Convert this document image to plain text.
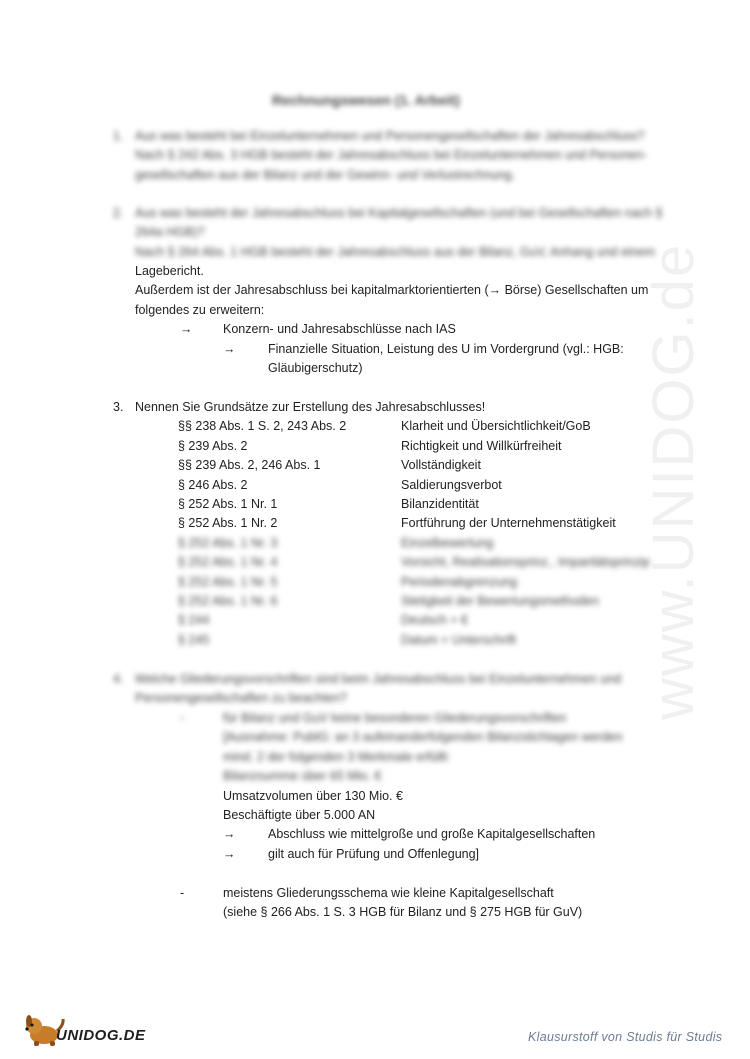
www.UNIDOG.de
Rechnungswesen (1. Arbeit)
1. Aus was besteht bei Einzelunternehmen und Personengesellschaften der Jahresabschluss?
Nach § 242 Abs. 3 HGB besteht der Jahresabschluss bei Einzelunternehmen und Personen-
gesellschaften aus der Bilanz und der Gewinn- und Verlustrechnung.
2. Aus was besteht der Jahresabschluss bei Kapitalgesellschaften (und bei Gesellschaften nach §
264a HGB)?
Nach § 264 Abs. 1 HGB besteht der Jahresabschluss aus der Bilanz, GuV, Anhang und einem
Lagebericht.
Außerdem ist der Jahresabschluss bei kapitalmarktorientierten (→ Börse) Gesellschaften um
folgendes zu erweitern:
→ Konzern- und Jahresabschlüsse nach IAS
→	Finanzielle Situation, Leistung des U im Vordergrund (vgl.: HGB:
Gläubigerschutz)
3. Nennen Sie Grundsätze zur Erstellung des Jahresabschlusses!
§§ 238 Abs. 1 S. 2, 243 Abs. 2	Klarheit und Übersichtlichkeit/GoB
§ 239 Abs. 2	Richtigkeit und Willkürfreiheit
§§ 239 Abs. 2, 246 Abs. 1	Vollständigkeit
§ 246 Abs. 2	Saldierungsverbot
§ 252 Abs. 1 Nr. 1	Bilanzidentität
§ 252 Abs. 1 Nr. 2	Fortführung der Unternehmenstätigkeit
§ 252 Abs. 1 Nr. 3	Einzelbewertung
§ 252 Abs. 1 Nr. 4	Vorsicht, Realisationsprinz., Imparitätsprinzip
§ 252 Abs. 1 Nr. 5	Periodenabgrenzung
§ 252 Abs. 1 Nr. 6	Stetigkeit der Bewertungsmethoden
§ 244	Deutsch + €
§ 245	Datum + Unterschrift
4. Welche Gliederungsvorschriften sind beim Jahresabschluss bei Einzelunternehmen und
Personengesellschaften zu beachten?
-	für Bilanz und GuV keine besonderen Gliederungsvorschriften
[Ausnahme: PublG: an 3 aufeinanderfolgenden Bilanzstichtagen werden
mind. 2 der folgenden 3 Merkmale erfüllt:
Bilanzsumme über 65 Mio. €
Umsatzvolumen über 130 Mio. €
Beschäftigte über 5.000 AN
→	Abschluss wie mittelgroße und große Kapitalgesellschaften
→	gilt auch für Prüfung und Offenlegung]
-	meistens Gliederungsschema wie kleine Kapitalgesellschaft
(siehe § 266 Abs. 1 S. 3 HGB für Bilanz und § 275 HGB für GuV)
UNIDOG.DE	Klausurstoff von Studis für Studis
